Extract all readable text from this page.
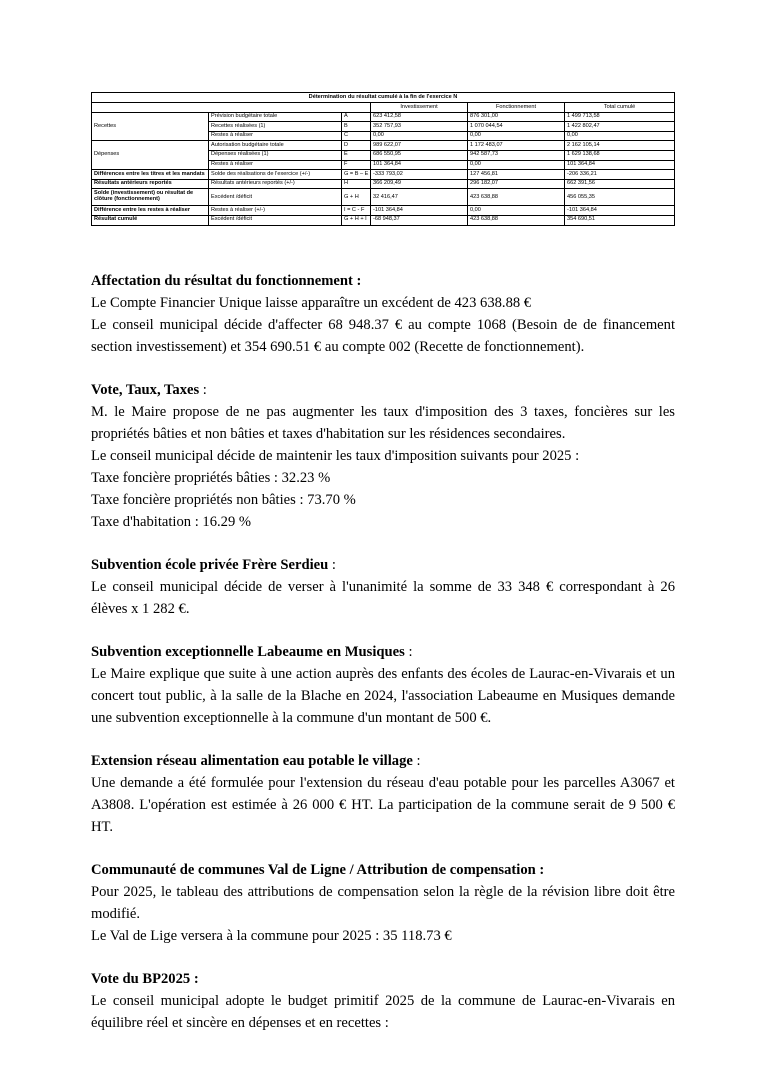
Détermination du résultat cumulé à la fin de l'exercice N					
			Investissement	Fonctionnement	Total cumulé
Recettes	Prévision budgétaire totale	A	623 412,58	876 301,00	1 499 713,58
	Recettes réalisées (1)	B	352 757,93	1 070 044,54	1 422 802,47
	Restes à réaliser	C	0,00	0,00	0,00
Dépenses	Autorisation budgétaire totale	D	989 622,07	1 172 483,07	2 162 105,14
	Dépenses réalisées (1)	E	686 550,95	942 587,73	1 629 138,68
	Restes à réaliser	F	101 364,84	0,00	101 364,84
Différences entre les titres et les mandats	Solde des réalisations de l'exercice (+/-)	G = B – E	-333 793,02	127 456,81	-206 336,21
Résultats antérieurs reportés	Résultats antérieurs reportés (+/-)	H	366 209,49	296 182,07	662 391,56
Solde (investissement) ou résultat de clôture (fonctionnement)	Excédent /déficit	G + H	32 416,47	423 638,88	456 055,35
Différence entre les restes à réaliser	Restes à réaliser (+/-)	I = C - F	-101 364,84	0,00	-101 364,84
Résultat cumulé	Excédent /déficit	G + H + I	-68 948,37	423 638,88	354 690,51
Affectation du résultat du fonctionnement :

Le Compte Financier Unique laisse apparaître un excédent de 423 638.88 €

Le conseil municipal décide d'affecter 68 948.37 € au compte 1068 (Besoin de de financement section investissement) et 354 690.51 € au compte 002 (Recette de fonctionnement).

Vote, Taux, Taxes :

M. le Maire propose de ne pas augmenter les taux d'imposition des 3 taxes, foncières sur les propriétés bâties et non bâties et taxes d'habitation sur les résidences secondaires.

Le conseil municipal décide de maintenir les taux d'imposition suivants pour 2025 :

Taxe foncière propriétés bâties : 32.23 %

Taxe foncière propriétés non bâties : 73.70 %

Taxe d'habitation : 16.29 %

Subvention école privée Frère Serdieu :

Le conseil municipal décide de verser à l'unanimité la somme de 33 348 € correspondant à 26 élèves x 1 282 €.

Subvention exceptionnelle Labeaume en Musiques :

Le Maire explique que suite à une action auprès des enfants des écoles de Laurac-en-Vivarais et un concert tout public, à la salle de la Blache en 2024, l'association Labeaume en Musiques demande une subvention exceptionnelle à la commune d'un montant de 500 €.

Extension réseau alimentation eau potable le village :

Une demande a été formulée pour l'extension du réseau d'eau potable pour les parcelles A3067 et A3808. L'opération est estimée à 26 000 € HT. La participation de la commune serait de 9 500 € HT.

Communauté de communes Val de Ligne / Attribution de compensation :

Pour 2025, le tableau des attributions de compensation selon la règle de la révision libre doit être modifié.

Le Val de Lige versera à la commune pour 2025 : 35 118.73 €

Vote du BP2025 :

Le conseil municipal adopte le budget primitif 2025 de la commune de Laurac-en-Vivarais en équilibre réel et sincère en dépenses et en recettes :
